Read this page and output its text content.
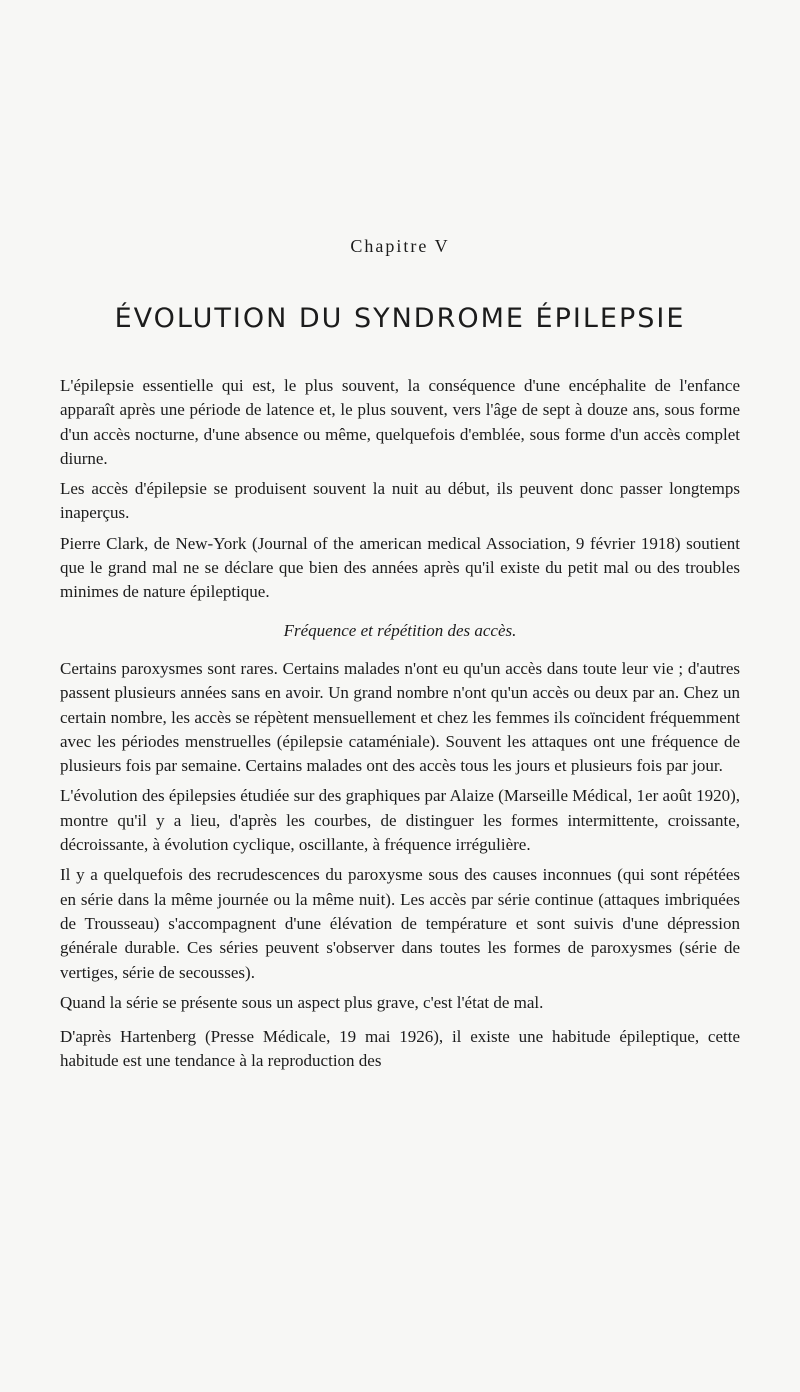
Chapitre V
ÉVOLUTION DU SYNDROME ÉPILEPSIE

L'épilepsie essentielle qui est, le plus souvent, la conséquence d'une encéphalite de l'enfance apparaît après une période de latence et, le plus souvent, vers l'âge de sept à douze ans, sous forme d'un accès nocturne, d'une absence ou même, quelquefois d'emblée, sous forme d'un accès complet diurne.

Les accès d'épilepsie se produisent souvent la nuit au début, ils peuvent donc passer longtemps inaperçus.

Pierre Clark, de New-York (Journal of the american medical Association, 9 février 1918) soutient que le grand mal ne se déclare que bien des années après qu'il existe du petit mal ou des troubles minimes de nature épileptique.

Fréquence et répétition des accès.

Certains paroxysmes sont rares. Certains malades n'ont eu qu'un accès dans toute leur vie ; d'autres passent plusieurs années sans en avoir. Un grand nombre n'ont qu'un accès ou deux par an. Chez un certain nombre, les accès se répètent mensuellement et chez les femmes ils coïncident fréquemment avec les périodes menstruelles (épilepsie cataméniale). Souvent les attaques ont une fréquence de plusieurs fois par semaine. Certains malades ont des accès tous les jours et plusieurs fois par jour.

L'évolution des épilepsies étudiée sur des graphiques par Alaize (Marseille Médical, 1er août 1920), montre qu'il y a lieu, d'après les courbes, de distinguer les formes intermittente, croissante, décroissante, à évolution cyclique, oscillante, à fréquence irrégulière.

Il y a quelquefois des recrudescences du paroxysme sous des causes inconnues (qui sont répétées en série dans la même journée ou la même nuit). Les accès par série continue (attaques imbriquées de Trousseau) s'accompagnent d'une élévation de température et sont suivis d'une dépression générale durable. Ces séries peuvent s'observer dans toutes les formes de paroxysmes (série de vertiges, série de secousses).

Quand la série se présente sous un aspect plus grave, c'est l'état de mal.

D'après Hartenberg (Presse Médicale, 19 mai 1926), il existe une habitude épileptique, cette habitude est une tendance à la reproduction des
